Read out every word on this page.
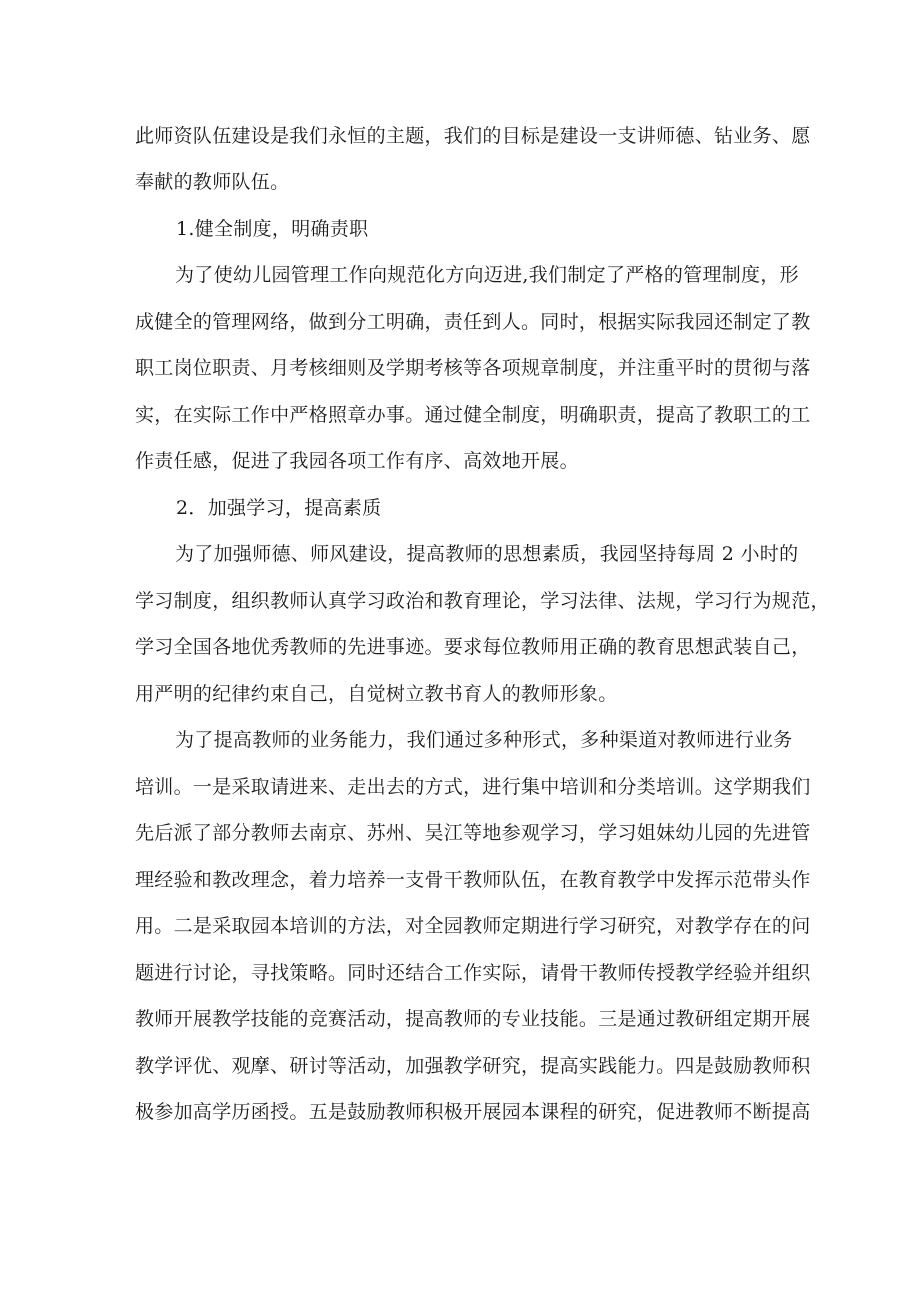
此师资队伍建设是我们永恒的主题，我们的目标是建设一支讲师德、钻业务、愿
奉献的教师队伍。
1.健全制度，明确责职
为了使幼儿园管理工作向规范化方向迈进,我们制定了严格的管理制度，形
成健全的管理网络，做到分工明确，责任到人。同时，根据实际我园还制定了教
职工岗位职责、月考核细则及学期考核等各项规章制度，并注重平时的贯彻与落
实，在实际工作中严格照章办事。通过健全制度，明确职责，提高了教职工的工
作责任感，促进了我园各项工作有序、高效地开展。
2．加强学习，提高素质
为了加强师德、师风建设，提高教师的思想素质，我园坚持每周 2 小时的
学习制度，组织教师认真学习政治和教育理论，学习法律、法规，学习行为规范，
学习全国各地优秀教师的先进事迹。要求每位教师用正确的教育思想武装自己，
用严明的纪律约束自己，自觉树立教书育人的教师形象。
为了提高教师的业务能力，我们通过多种形式，多种渠道对教师进行业务
培训。一是采取请进来、走出去的方式，进行集中培训和分类培训。这学期我们
先后派了部分教师去南京、苏州、吴江等地参观学习，学习姐妹幼儿园的先进管
理经验和教改理念，着力培养一支骨干教师队伍，在教育教学中发挥示范带头作
用。二是采取园本培训的方法，对全园教师定期进行学习研究，对教学存在的问
题进行讨论，寻找策略。同时还结合工作实际，请骨干教师传授教学经验并组织
教师开展教学技能的竞赛活动，提高教师的专业技能。三是通过教研组定期开展
教学评优、观摩、研讨等活动，加强教学研究，提高实践能力。四是鼓励教师积
极参加高学历函授。五是鼓励教师积极开展园本课程的研究，促进教师不断提高
